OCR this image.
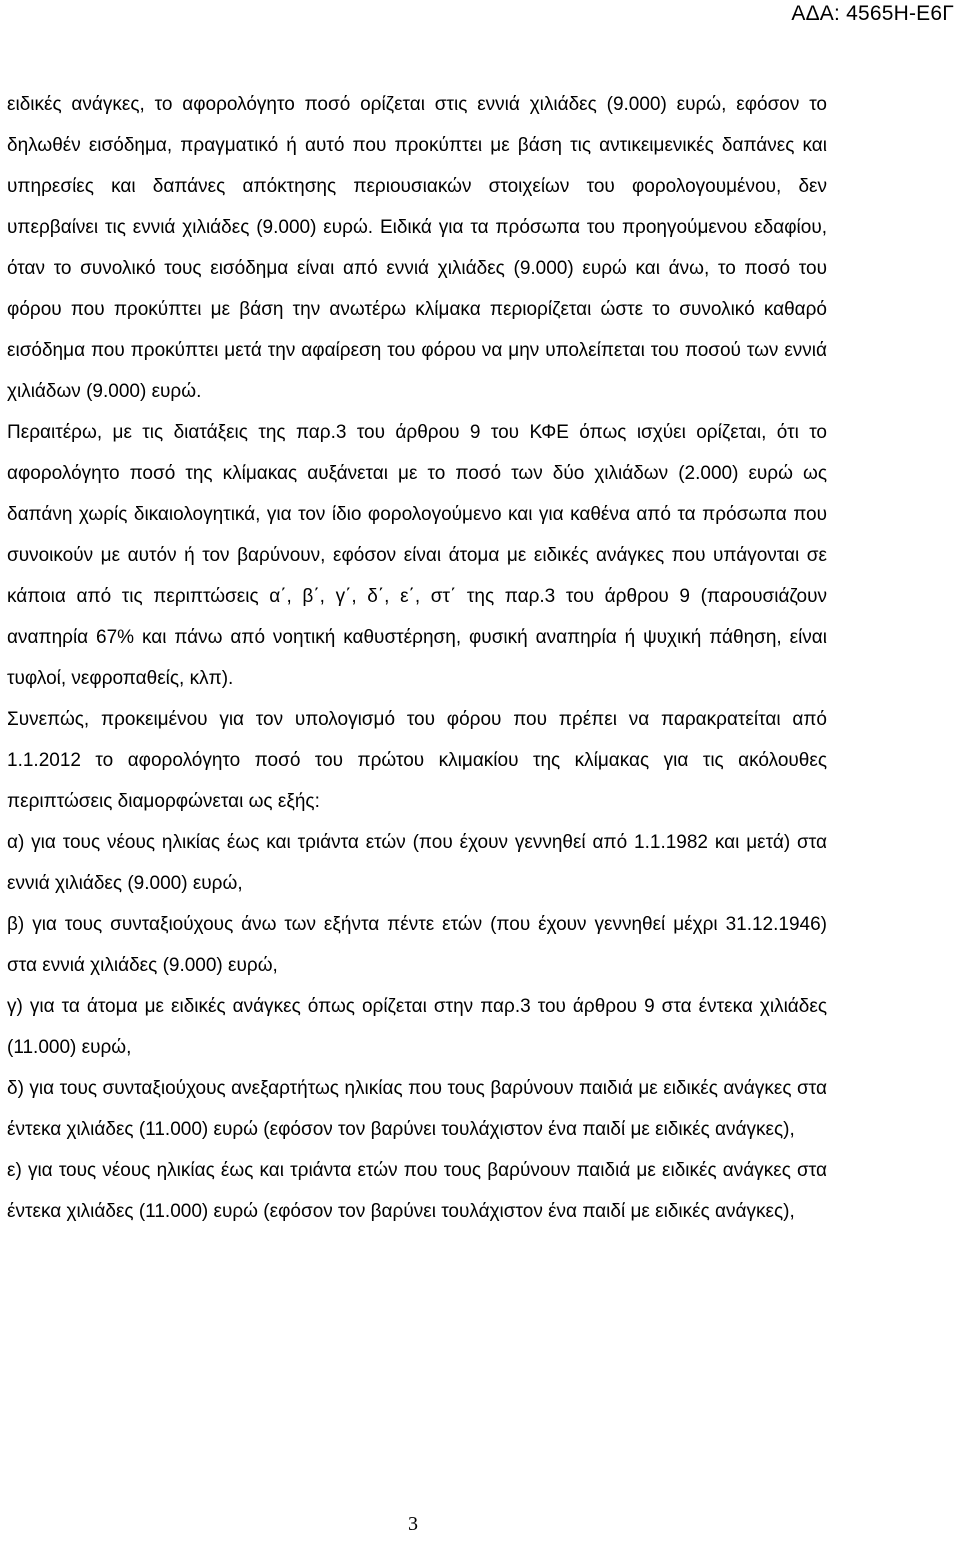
ΑΔΑ: 4565Η-Ε6Γ

ειδικές ανάγκες, το αφορολόγητο ποσό ορίζεται στις εννιά χιλιάδες (9.000) ευρώ, εφόσον το δηλωθέν εισόδημα, πραγματικό ή αυτό που προκύπτει με βάση τις αντικειμενικές δαπάνες και υπηρεσίες και δαπάνες απόκτησης περιουσιακών στοιχείων του φορολογουμένου, δεν υπερβαίνει τις εννιά χιλιάδες (9.000) ευρώ. Ειδικά για τα πρόσωπα του προηγούμενου εδαφίου, όταν το συνολικό τους εισόδημα είναι από εννιά χιλιάδες (9.000) ευρώ και άνω, το ποσό του φόρου που προκύπτει με βάση την ανωτέρω κλίμακα περιορίζεται ώστε το συνολικό καθαρό εισόδημα που προκύπτει μετά την αφαίρεση του φόρου να μην υπολείπεται του ποσού των εννιά χιλιάδων (9.000) ευρώ.

Περαιτέρω, με τις διατάξεις της παρ.3 του άρθρου 9 του ΚΦΕ όπως ισχύει ορίζεται, ότι το αφορολόγητο ποσό της κλίμακας αυξάνεται με το ποσό των δύο χιλιάδων (2.000) ευρώ ως δαπάνη χωρίς δικαιολογητικά, για τον ίδιο φορολογούμενο και για καθένα από τα πρόσωπα που συνοικούν με αυτόν ή τον βαρύνουν, εφόσον είναι άτομα με ειδικές ανάγκες που υπάγονται σε κάποια από τις περιπτώσεις α΄, β΄, γ΄, δ΄, ε΄, στ΄ της παρ.3 του άρθρου 9 (παρουσιάζουν αναπηρία 67% και πάνω από νοητική καθυστέρηση, φυσική αναπηρία ή ψυχική πάθηση, είναι τυφλοί, νεφροπαθείς, κλπ).

Συνεπώς, προκειμένου για τον υπολογισμό του φόρου που πρέπει να παρακρατείται από 1.1.2012 το αφορολόγητο ποσό του πρώτου κλιμακίου της κλίμακας για τις ακόλουθες περιπτώσεις διαμορφώνεται ως εξής:

α) για τους νέους ηλικίας έως και τριάντα ετών (που έχουν γεννηθεί από 1.1.1982 και μετά) στα εννιά χιλιάδες (9.000) ευρώ,

β) για τους συνταξιούχους άνω των εξήντα πέντε ετών (που έχουν γεννηθεί μέχρι 31.12.1946) στα εννιά χιλιάδες (9.000) ευρώ,

γ) για τα άτομα με ειδικές ανάγκες όπως ορίζεται στην παρ.3 του άρθρου 9 στα έντεκα χιλιάδες (11.000) ευρώ,

δ) για τους συνταξιούχους ανεξαρτήτως ηλικίας που τους βαρύνουν παιδιά με ειδικές ανάγκες στα έντεκα χιλιάδες (11.000) ευρώ (εφόσον τον βαρύνει τουλάχιστον ένα παιδί με ειδικές ανάγκες),

ε) για τους νέους ηλικίας έως και τριάντα ετών που τους βαρύνουν παιδιά με ειδικές ανάγκες στα έντεκα χιλιάδες (11.000) ευρώ (εφόσον τον βαρύνει τουλάχιστον ένα παιδί με ειδικές ανάγκες),

3
